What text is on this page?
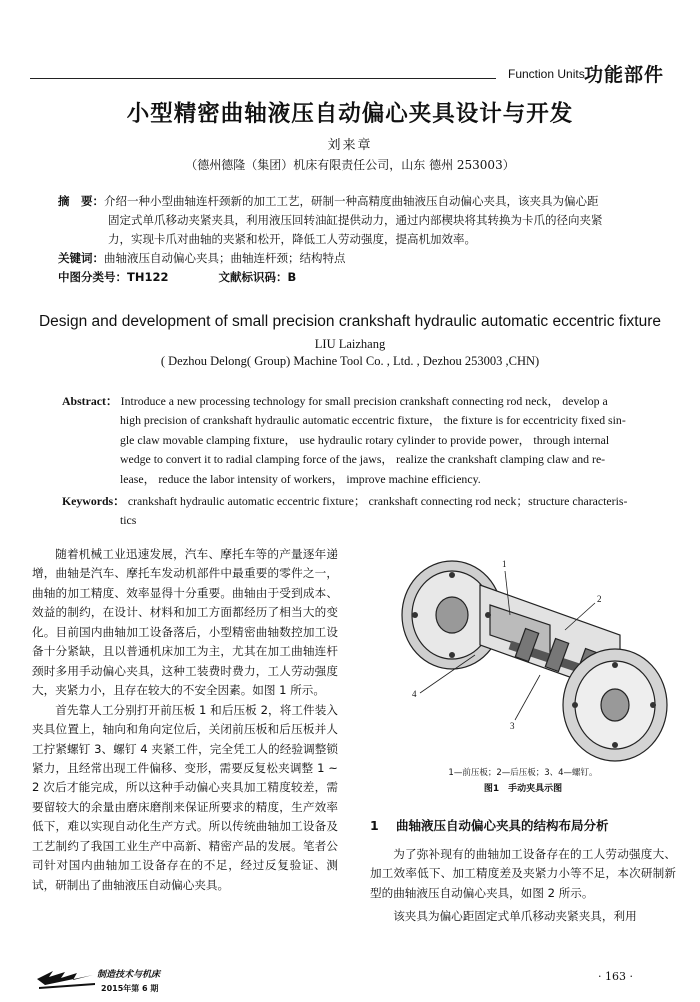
Function Units 功能部件
小型精密曲轴液压自动偏心夹具设计与开发
刘来章
（德州德隆（集团）机床有限责任公司，山东 德州 253003）
摘　要：介绍一种小型曲轴连杆颈新的加工工艺，研制一种高精度曲轴液压自动偏心夹具，该夹具为偏心距
固定式单爪移动夹紧夹具，利用液压回转油缸提供动力，通过内部楔块将其转换为卡爪的径向夹紧
力，实现卡爪对曲轴的夹紧和松开，降低工人劳动强度，提高机加效率。
关键词：曲轴液压自动偏心夹具；曲轴连杆颈；结构特点
中图分类号：TH122	文献标识码：B
Design and development of small precision crankshaft hydraulic automatic eccentric fixture
LIU Laizhang
( Dezhou Delong( Group) Machine Tool Co. , Ltd. , Dezhou 253003 ,CHN)
Abstract： Introduce a new processing technology for small precision crankshaft connecting rod neck， develop a
high precision of crankshaft hydraulic automatic eccentric fixture， the fixture is for eccentricity fixed sin-
gle claw movable clamping fixture， use hydraulic rotary cylinder to provide power， through internal
wedge to convert it to radial clamping force of the jaws， realize the crankshaft clamping claw and re-
lease， reduce the labor intensity of workers， improve machine efficiency.
Keywords： crankshaft hydraulic automatic eccentric fixture； crankshaft connecting rod neck；structure characteris-
tics

随着机械工业迅速发展，汽车、摩托车等的产量逐年递增，曲轴是汽车、摩托车发动机部件中最重要的零件之一，曲轴的加工精度、效率显得十分重要。曲轴由于受到成本、效益的制约，在设计、材料和加工方面都经历了相当大的变化。目前国内曲轴加工设备落后，小型精密曲轴数控加工设备十分紧缺，且以普通机床加工为主，尤其在加工曲轴连杆颈时多用手动偏心夹具，这种工装费时费力，工人劳动强度大，夹紧力小，且存在较大的不安全因素。如图 1 所示。

首先靠人工分别打开前压板 1 和后压板 2，将工件装入夹具位置上，轴向和角向定位后，关闭前压板和后压板并人工拧紧螺钉 3、螺钉 4 夹紧工件，完全凭工人的经验调整锁紧力，且经常出现工件偏移、变形，需要反复松夹调整 1 ~ 2 次后才能完成，所以这种手动偏心夹具加工精度较差，需要留较大的余量由磨床磨削来保证所要求的精度，生产效率低下，难以实现自动化生产方式。所以传统曲轴加工设备及工艺制约了我国工业生产中高新、精密产品的发展。笔者公司针对国内曲轴加工设备存在的不足，经过反复验证、测试，研制出了曲轴液压自动偏心夹具。

1
2
3
4
1—前压板；2—后压板；3、4—螺钉。
图1　手动夹具示图
1 曲轴液压自动偏心夹具的结构布局分析

为了弥补现有的曲轴加工设备存在的工人劳动强度大、加工效率低下、加工精度差及夹紧力小等不足，本次研制新型的曲轴液压自动偏心夹具，如图 2 所示。

该夹具为偏心距固定式单爪移动夹紧夹具，利用

制造技术与机床
2015年第 6 期
· 163 ·
